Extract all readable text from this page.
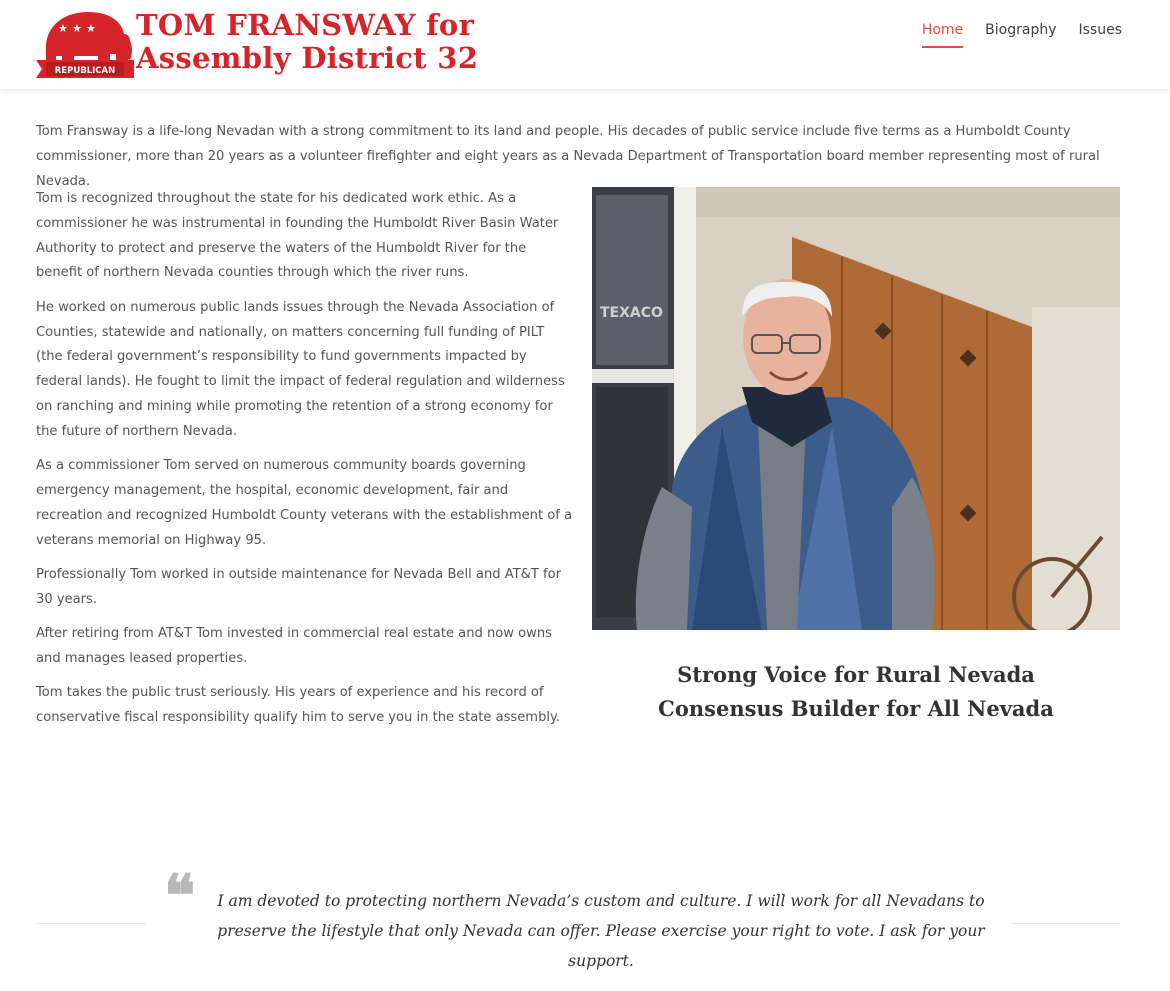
★ ★ ★
REPUBLICAN
TOM FRANSWAY for
Assembly District 32
Home Biography Issues

Tom Fransway is a life-long Nevadan with a strong commitment to its land and people. His decades of public service include five terms as a Humboldt County commissioner, more than 20 years as a volunteer firefighter and eight years as a Nevada Department of Transportation board member representing most of rural Nevada.

Tom is recognized throughout the state for his dedicated work ethic. As a commissioner he was instrumental in founding the Humboldt River Basin Water Authority to protect and preserve the waters of the Humboldt River for the benefit of northern Nevada counties through which the river runs.

He worked on numerous public lands issues through the Nevada Association of Counties, statewide and nationally, on matters concerning full funding of PILT (the federal government’s responsibility to fund governments impacted by federal lands). He fought to limit the impact of federal regulation and wilderness on ranching and mining while promoting the retention of a strong economy for the future of northern Nevada.

As a commissioner Tom served on numerous community boards governing emergency management, the hospital, economic development, fair and recreation and recognized Humboldt County veterans with the establishment of a veterans memorial on Highway 95.

Professionally Tom worked in outside maintenance for Nevada Bell and AT&T for 30 years.

After retiring from AT&T Tom invested in commercial real estate and now owns and manages leased properties.

Tom takes the public trust seriously. His years of experience and his record of conservative fiscal responsibility qualify him to serve you in the state assembly.

TEXACO
Strong Voice for Rural Nevada
Consensus Builder for All Nevada
❝	I am devoted to protecting northern Nevada’s custom and culture. I will work for all Nevadans to preserve the lifestyle that only Nevada can offer. Please exercise your right to vote. I ask for your support.
